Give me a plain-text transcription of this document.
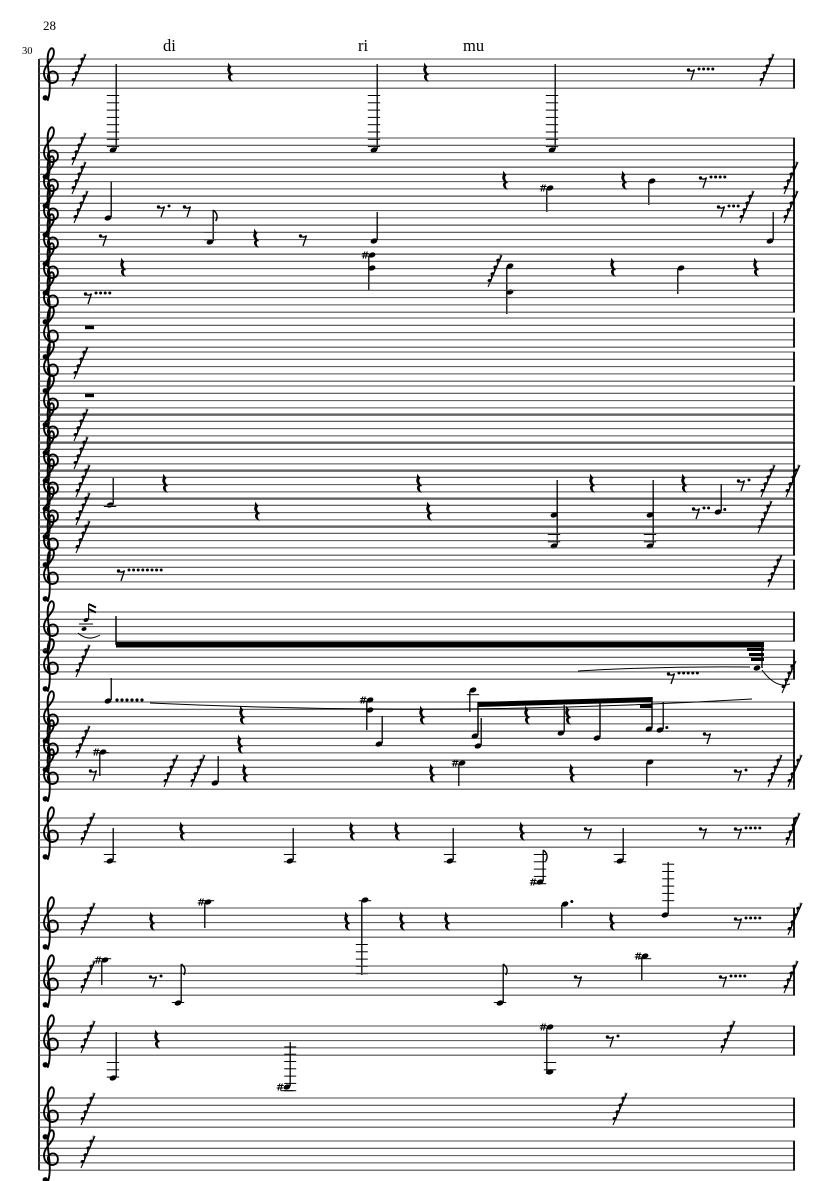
#
#
#
#
#
#
#
#	#
#
#
28
30	di	ri	mu
